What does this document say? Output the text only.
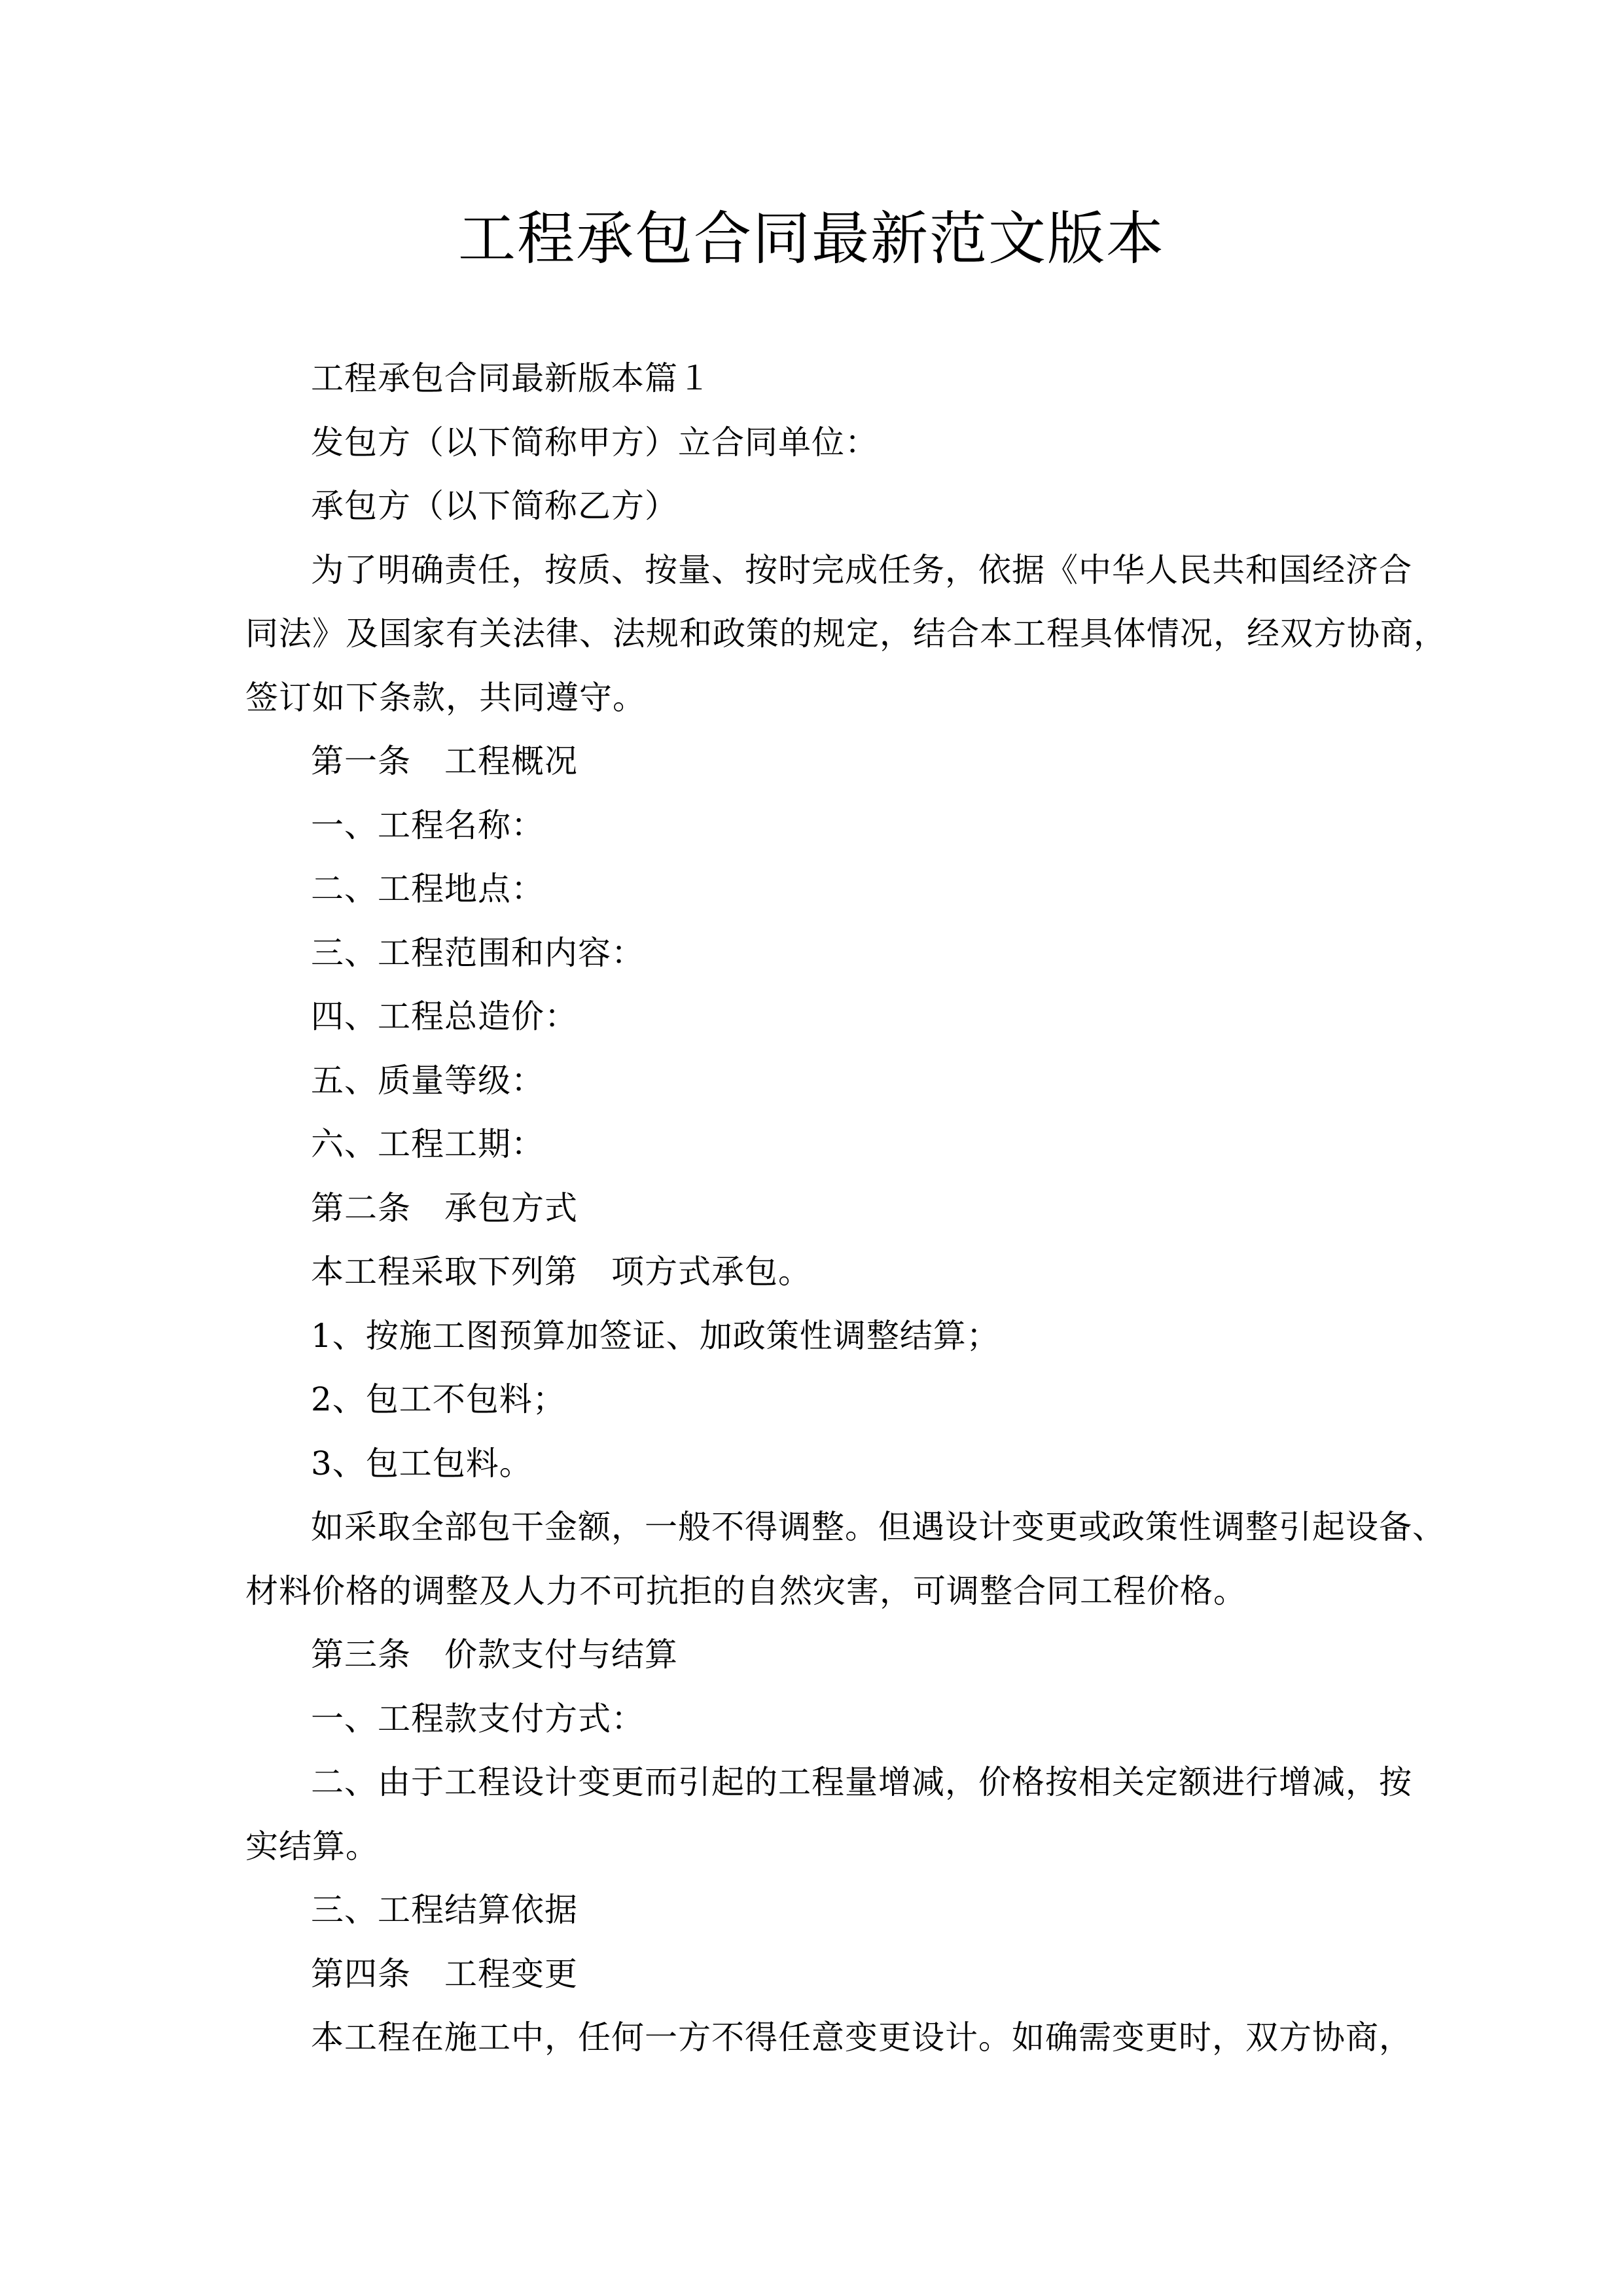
工程承包合同最新范文版本
工程承包合同最新版本篇１
发包方（以下简称甲方）立合同单位：
承包方（以下简称乙方）
为了明确责任，按质、按量、按时完成任务，依据《中华人民共和国经济合
同法》及国家有关法律、法规和政策的规定，结合本工程具体情况，经双方协商，
签订如下条款，共同遵守。
第一条　工程概况
一、工程名称：
二、工程地点：
三、工程范围和内容：
四、工程总造价：
五、质量等级：
六、工程工期：
第二条　承包方式
本工程采取下列第　项方式承包。
1、按施工图预算加签证、加政策性调整结算；
2、包工不包料；
3、包工包料。
如采取全部包干金额，一般不得调整。但遇设计变更或政策性调整引起设备、
材料价格的调整及人力不可抗拒的自然灾害，可调整合同工程价格。
第三条　价款支付与结算
一、工程款支付方式：
二、由于工程设计变更而引起的工程量增减，价格按相关定额进行增减，按
实结算。
三、工程结算依据
第四条　工程变更
本工程在施工中，任何一方不得任意变更设计。如确需变更时，双方协商，
